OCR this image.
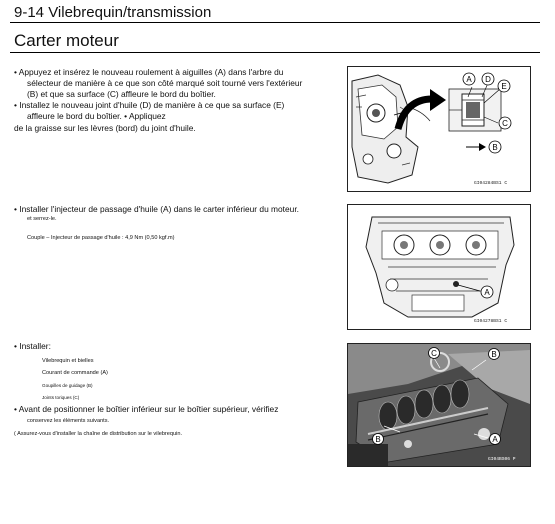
9-14 Vilebrequin/transmission
Carter moteur
• Appuyez et insérez le nouveau roulement à aiguilles (A) dans l'arbre du
sélecteur de manière à ce que son côté marqué soit tourné vers l'extérieur
(B) et que sa surface (C) affleure le bord du boîtier.
• Installez le nouveau joint d'huile (D) de manière à ce que sa surface (E)
affleure le bord du boîtier. • Appliquez
de la graisse sur les lèvres (bord) du joint d'huile.
A D
E
C
B
GI04284BS1 C
• Installer l'injecteur de passage d'huile (A) dans le carter inférieur du moteur.
et serrez-le.
Couple – Injecteur de passage d'huile : 4,9 Nm (0,50 kgf.m)
A
GI04278BS1 C
• Installer:
Vilebrequin et bielles
Courant de commande (A)
Goupilles de guidage (B)
Joints toriques (C)
• Avant de positionner le boîtier inférieur sur le boîtier supérieur, vérifiez
conservez les éléments suivants.
( Assurez-vous d'installer la chaîne de distribution sur le vilebrequin.
C	B
B	A
GI04BS06 P
